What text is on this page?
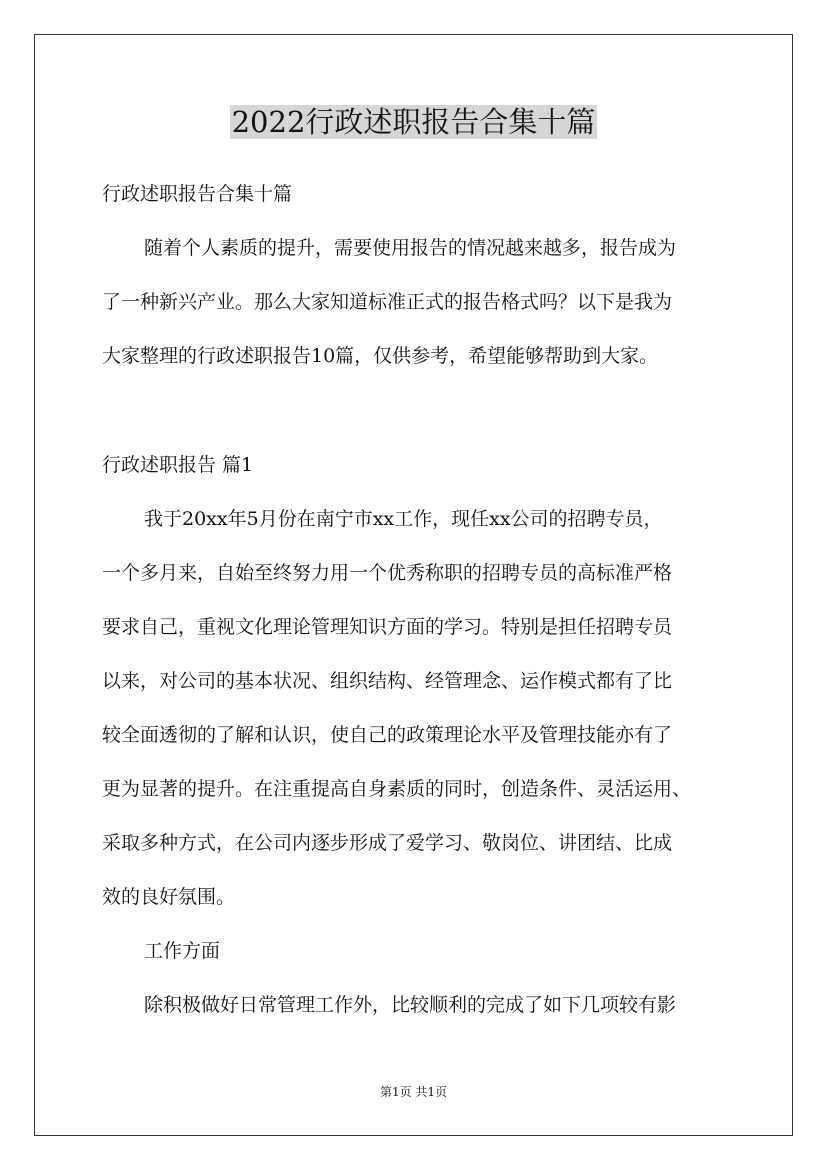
2022行政述职报告合集十篇
行政述职报告合集十篇
随着个人素质的提升，需要使用报告的情况越来越多，报告成为
了一种新兴产业。那么大家知道标准正式的报告格式吗？以下是我为
大家整理的行政述职报告10篇，仅供参考，希望能够帮助到大家。
行政述职报告 篇1
我于20xx年5月份在南宁市xx工作，现任xx公司的招聘专员，
一个多月来，自始至终努力用一个优秀称职的招聘专员的高标准严格
要求自己，重视文化理论管理知识方面的学习。特别是担任招聘专员
以来，对公司的基本状况、组织结构、经管理念、运作模式都有了比
较全面透彻的了解和认识，使自己的政策理论水平及管理技能亦有了
更为显著的提升。在注重提高自身素质的同时，创造条件、灵活运用、
采取多种方式，在公司内逐步形成了爱学习、敬岗位、讲团结、比成
效的良好氛围。
工作方面
除积极做好日常管理工作外，比较顺利的完成了如下几项较有影
第1页 共1页
